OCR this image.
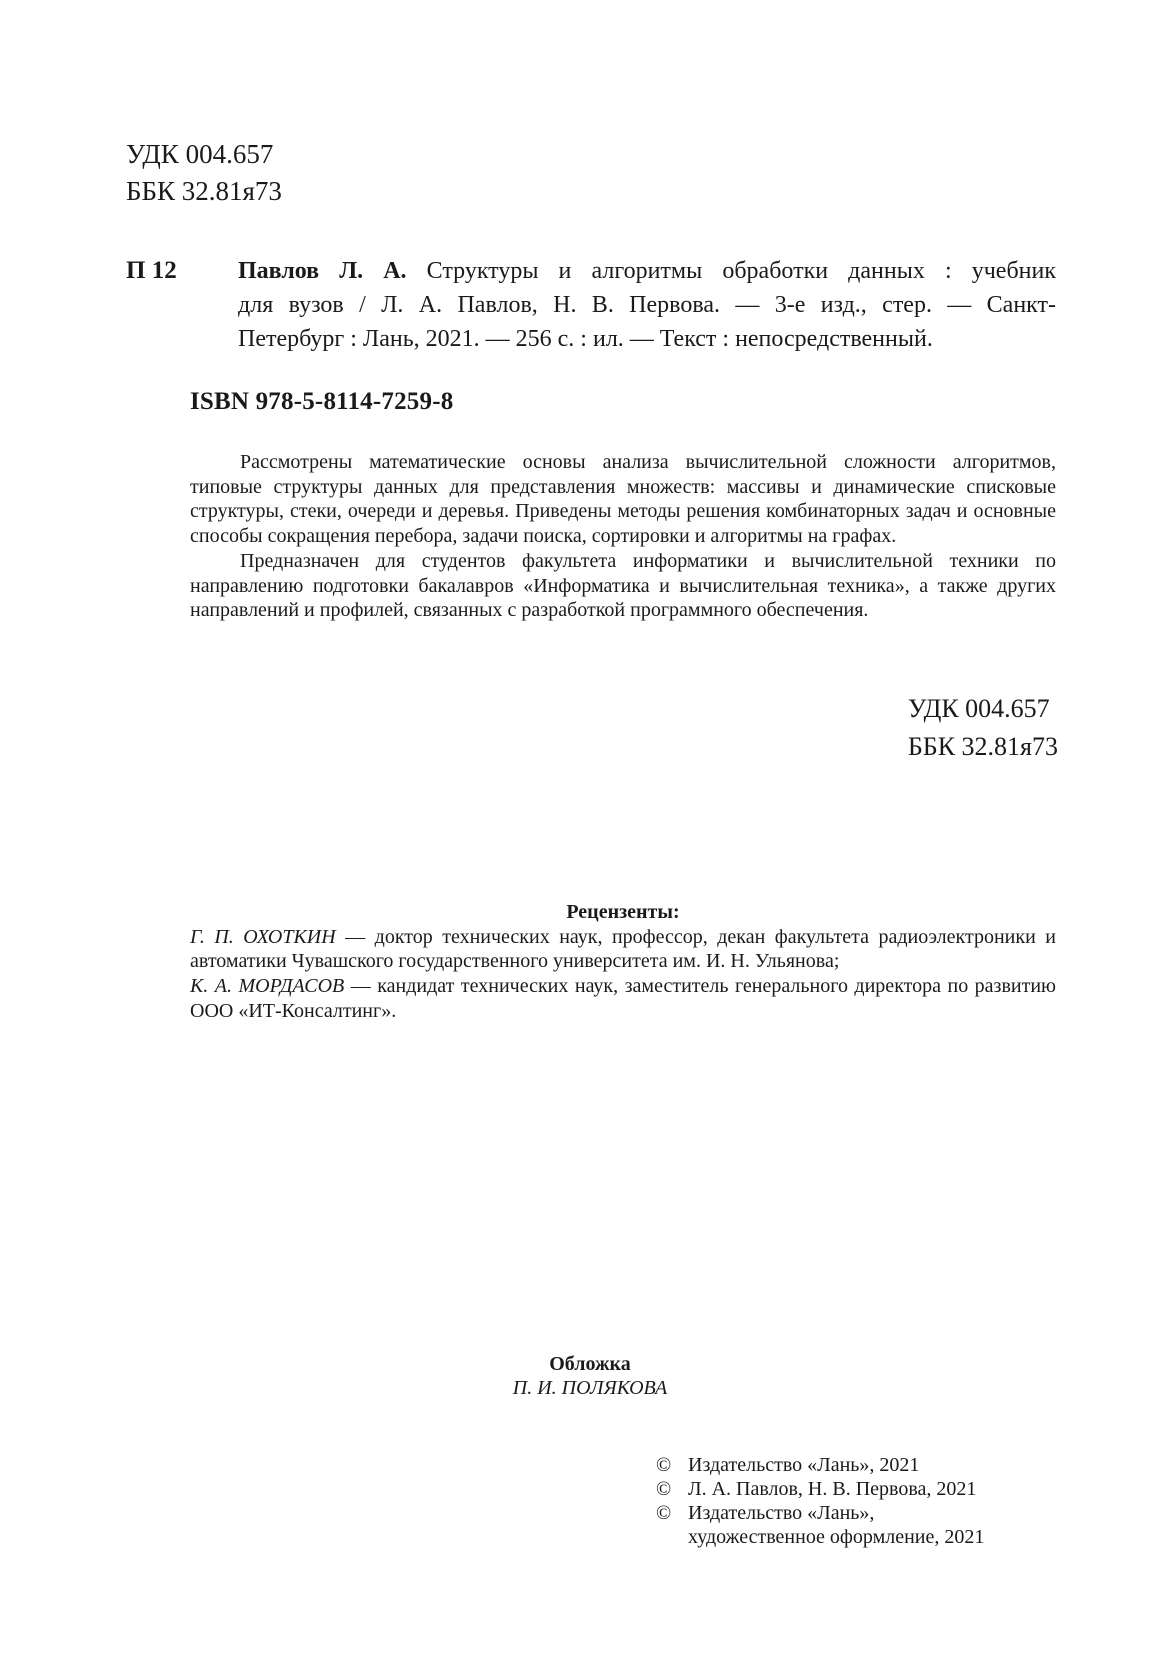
УДК 004.657
ББК 32.81я73
П 12	Павлов Л. А. Структуры и алгоритмы обработки данных : учебник
для вузов / Л. А. Павлов, Н. В. Первова. — 3-е изд., стер. — Санкт-
Петербург : Лань, 2021. — 256 с. : ил. — Текст : непосредственный.
ISBN 978-5-8114-7259-8

Рассмотрены математические основы анализа вычислительной сложности алгоритмов, типовые структуры данных для представления множеств: массивы и динамические списковые структуры, стеки, очереди и деревья. Приведены методы решения комбинаторных задач и основные способы сокращения перебора, задачи поиска, сортировки и алгоритмы на графах.

Предназначен для студентов факультета информатики и вычислительной техники по направлению подготовки бакалавров «Информатика и вычислительная техника», а также других направлений и профилей, связанных с разработкой программного обеспечения.

УДК 004.657
ББК 32.81я73
Рецензенты:

Г. П. ОХОТКИН — доктор технических наук, профессор, декан факультета радиоэлектроники и автоматики Чувашского государственного университета им. И. Н. Ульянова;

К. А. МОРДАСОВ — кандидат технических наук, заместитель генерального директора по развитию ООО «ИТ-Консалтинг».

Обложка
П. И. ПОЛЯКОВА
© Издательство «Лань», 2021
© Л. А. Павлов, Н. В. Первова, 2021
© Издательство «Лань»,
художественное оформление, 2021
